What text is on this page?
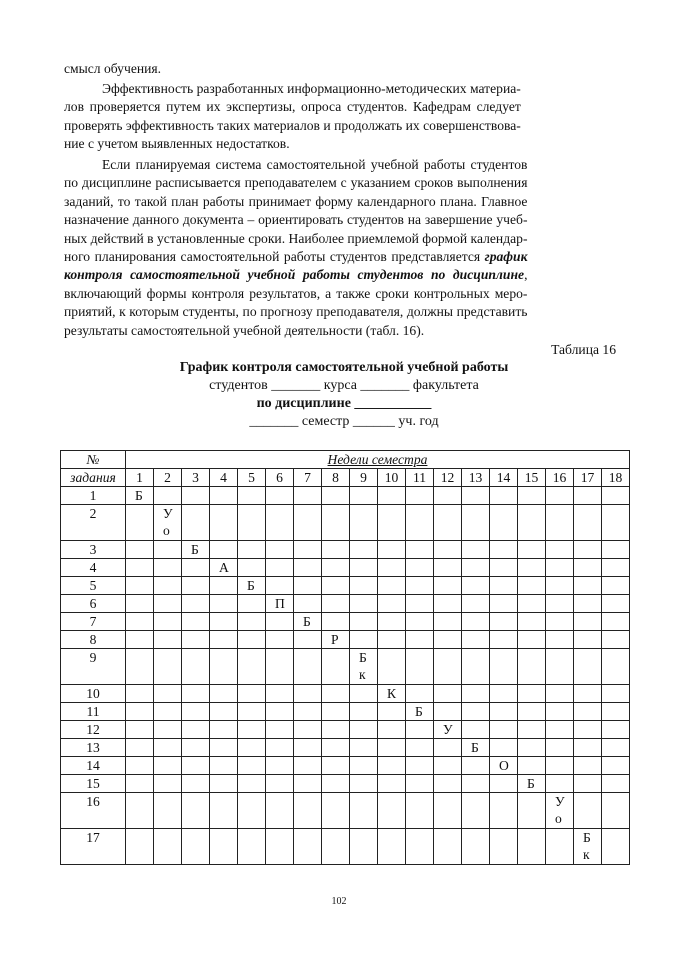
смысл обучения.

Эффективность разработанных информационно-методических материа-
лов проверяется путем их экспертизы, опроса студентов. Кафедрам следует
проверять эффективность таких материалов и продолжать их совершенствова-
ние с учетом выявленных недостатков.
Если планируемая система самостоятельной учебной работы студентов
по дисциплине расписывается преподавателем с указанием сроков выполнения
заданий, то такой план работы принимает форму календарного плана. Главное
назначение данного документа – ориентировать студентов на завершение учеб-
ных действий в установленные сроки. Наиболее приемлемой формой календар-
ного планирования самостоятельной работы студентов представляется график
контроля самостоятельной учебной работы студентов по дисциплине,
включающий формы контроля результатов, а также сроки контрольных меро-
приятий, к которым студенты, по прогнозу преподавателя, должны представить
результаты самостоятельной учебной деятельности (табл. 16).
Таблица 16
График контроля самостоятельной учебной работы
студентов _______ курса _______ факультета
по дисциплине ___________
_______ семестр ______ уч. год
№	Недели семестра																	
задания	1	2	3	4	5	6	7	8	9	10	11	12	13	14	15	16	17	18
1	Б																	

2		У
о																

3			Б															

4				А														

5					Б													

6						П												

7							Б											

8								Р										

9									Б
к									

10										К								

11											Б							

12												У						

13													Б					

14														О				

15															Б			

16																У
о		

17																	Б
к	

102
